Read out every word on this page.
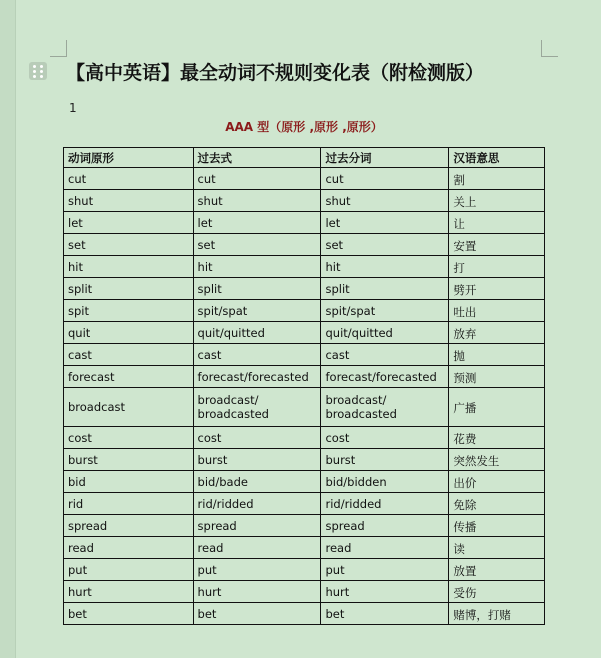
【高中英语】最全动词不规则变化表（附检测版）
1
AAA 型（原形 ,原形 ,原形）
动词原形	过去式	过去分词	汉语意思
cut	cut	cut	割
shut	shut	shut	关上
let	let	let	让
set	set	set	安置
hit	hit	hit	打
split	split	split	劈开
spit	spit/spat	spit/spat	吐出
quit	quit/quitted	quit/quitted	放弃
cast	cast	cast	抛
forecast	forecast/forecasted	forecast/forecasted	预测
broadcast	broadcast/ broadcasted	broadcast/ broadcasted	广播
cost	cost	cost	花费
burst	burst	burst	突然发生
bid	bid/bade	bid/bidden	出价
rid	rid/ridded	rid/ridded	免除
spread	spread	spread	传播
read	read	read	读
put	put	put	放置
hurt	hurt	hurt	受伤
bet	bet	bet	赌博，打赌
